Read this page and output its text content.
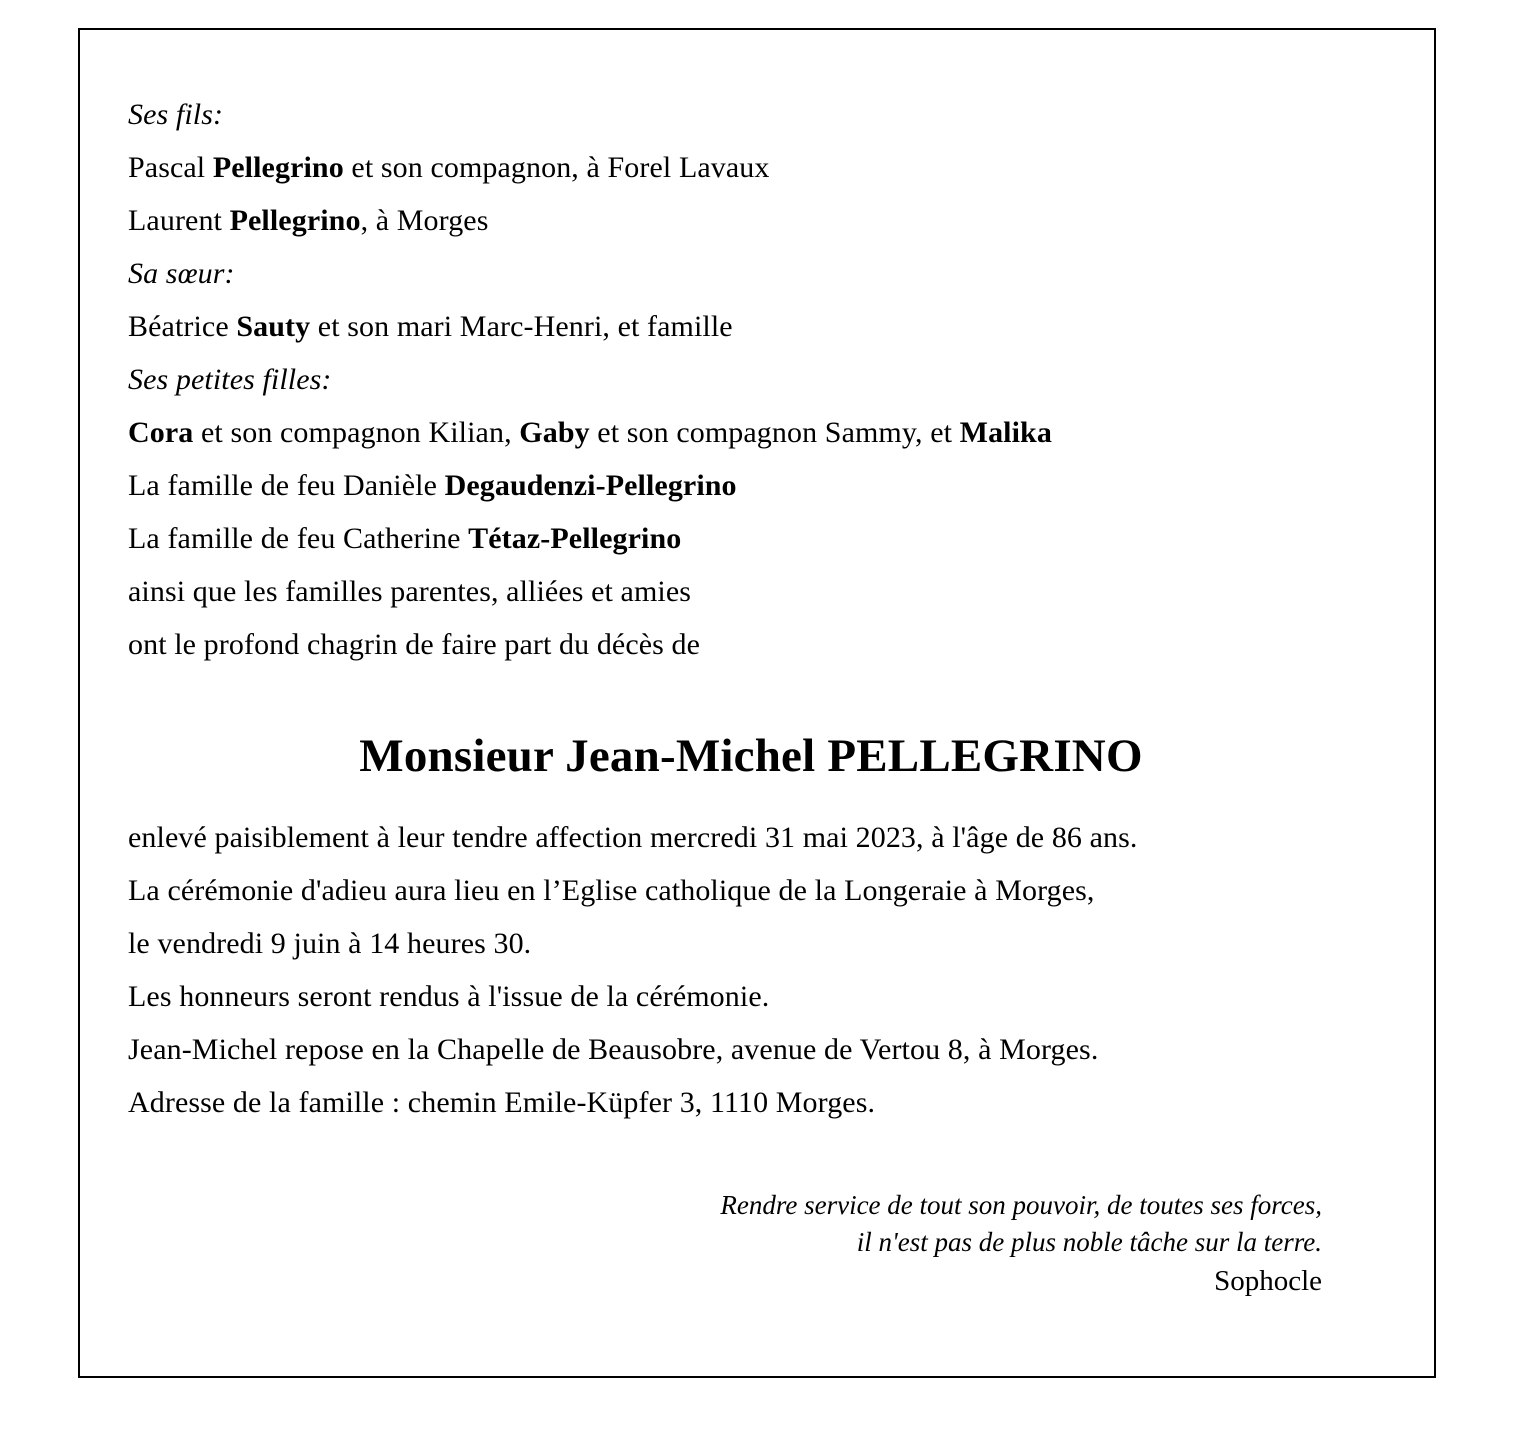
Ses fils:
Pascal Pellegrino et son compagnon, à Forel Lavaux
Laurent Pellegrino, à Morges
Sa sœur:
Béatrice Sauty et son mari Marc-Henri, et famille
Ses petites filles:
Cora et son compagnon Kilian, Gaby et son compagnon Sammy, et Malika
La famille de feu Danièle Degaudenzi-Pellegrino
La famille de feu Catherine Tétaz-Pellegrino
ainsi que les familles parentes, alliées et amies
ont le profond chagrin de faire part du décès de
Monsieur Jean-Michel PELLEGRINO
enlevé paisiblement à leur tendre affection mercredi 31 mai 2023, à l'âge de 86 ans.
La cérémonie d'adieu aura lieu en l’Eglise catholique de la Longeraie à Morges,
le vendredi 9 juin à 14 heures 30.
Les honneurs seront rendus à l'issue de la cérémonie.
Jean-Michel repose en la Chapelle de Beausobre, avenue de Vertou 8, à Morges.
Adresse de la famille : chemin Emile-Küpfer 3, 1110 Morges.
Rendre service de tout son pouvoir, de toutes ses forces,
il n'est pas de plus noble tâche sur la terre.
Sophocle
